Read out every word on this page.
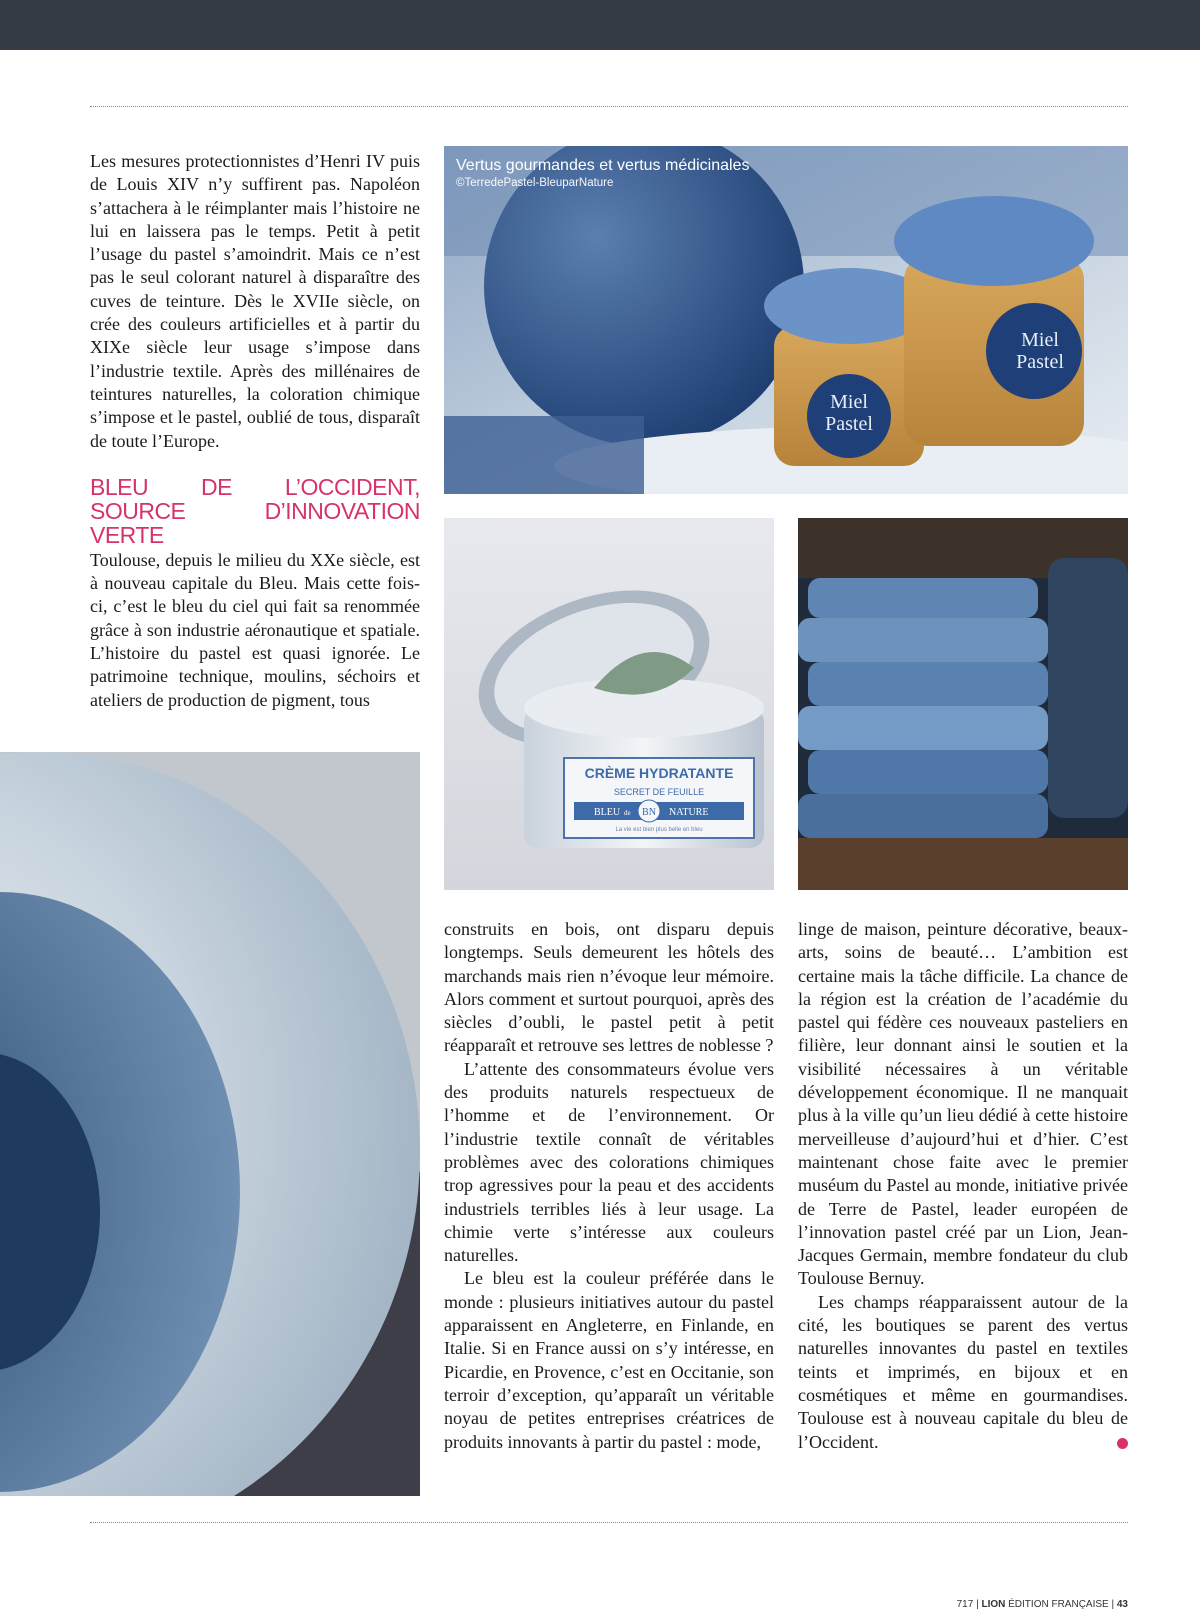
Les mesures protectionnistes d’Henri IV puis de Louis XIV n’y suffirent pas. Napoléon s’attachera à le réimplanter mais l’histoire ne lui en laissera pas le temps. Petit à petit l’usage du pastel s’amoindrit. Mais ce n’est pas le seul colorant naturel à disparaître des cuves de teinture. Dès le XVIIe siècle, on crée des couleurs artificielles et à partir du XIXe siècle leur usage s’impose dans l’industrie textile. Après des millénaires de teintures naturelles, la coloration chimique s’impose et le pastel, oublié de tous, disparaît de toute l’Europe.

BLEU DE L’OCCIDENT, SOURCE D’INNOVATION VERTE

Toulouse, depuis le milieu du XXe siècle, est à nouveau capitale du Bleu. Mais cette fois-ci, c’est le bleu du ciel qui fait sa renommée grâce à son industrie aéronautique et spatiale. L’histoire du pastel est quasi ignorée. Le patrimoine technique, moulins, séchoirs et ateliers de production de pigment, tous

Miel
Pastel
Miel
Pastel
Vertus gourmandes et vertus médicinales
©TerredePastel-BleuparNature
CRÈME HYDRATANTE
SECRET DE FEUILLE
BLEU de BN NATURE
La vie est bien plus belle en bleu

construits en bois, ont disparu depuis longtemps. Seuls demeurent les hôtels des marchands mais rien n’évoque leur mémoire. Alors comment et surtout pourquoi, après des siècles d’oubli, le pastel petit à petit réapparaît et retrouve ses lettres de noblesse ?

L’attente des consommateurs évolue vers des produits naturels respectueux de l’homme et de l’environnement. Or l’industrie textile connaît de véritables problèmes avec des colorations chimiques trop agressives pour la peau et des accidents industriels terribles liés à leur usage. La chimie verte s’intéresse aux couleurs naturelles.

Le bleu est la couleur préférée dans le monde : plusieurs initiatives autour du pastel apparaissent en Angleterre, en Finlande, en Italie. Si en France aussi on s’y intéresse, en Picardie, en Provence, c’est en Occitanie, son terroir d’exception, qu’apparaît un véritable noyau de petites entreprises créatrices de produits innovants à partir du pastel : mode,

linge de maison, peinture décorative, beaux-arts, soins de beauté… L’ambition est certaine mais la tâche difficile. La chance de la région est la création de l’académie du pastel qui fédère ces nouveaux pasteliers en filière, leur donnant ainsi le soutien et la visibilité nécessaires à un véritable développement économique. Il ne manquait plus à la ville qu’un lieu dédié à cette histoire merveilleuse d’aujourd’hui et d’hier. C’est maintenant chose faite avec le premier muséum du Pastel au monde, initiative privée de Terre de Pastel, leader européen de l’innovation pastel créé par un Lion, Jean-Jacques Germain, membre fondateur du club Toulouse Bernuy.

Les champs réapparaissent autour de la cité, les boutiques se parent des vertus naturelles innovantes du pastel en textiles teints et imprimés, en bijoux et en cosmétiques et même en gourmandises. Toulouse est à nouveau capitale du bleu de l’Occident.

717 | LION ÉDITION FRANÇAISE | 43
